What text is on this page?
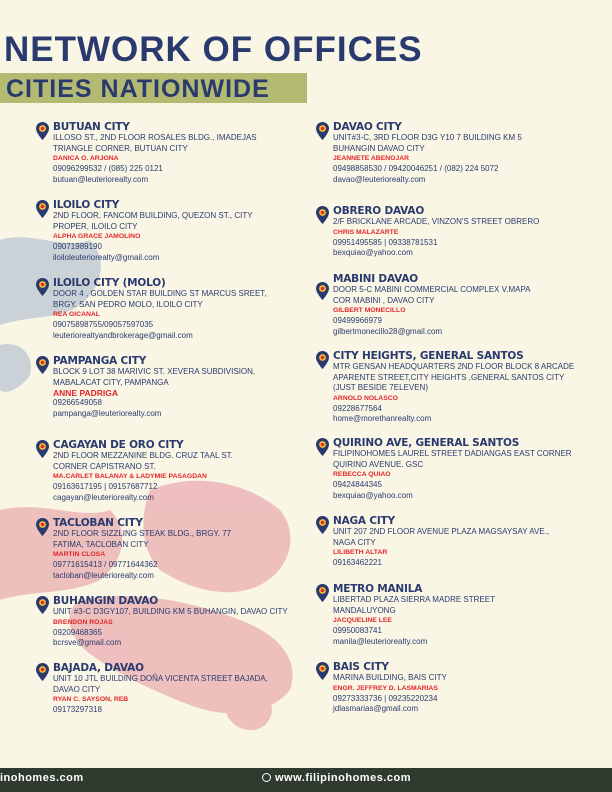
NETWORK OF OFFICES
CITIES NATIONWIDE
BUTUAN CITY
ILLOSO ST., 2ND FLOOR ROSALES BLDG., IMADEJAS TRIANGLE CORNER, BUTUAN CITY
DANICA O. ARJONA
09096299532 / (085) 225 0121
butuan@leuteriorealty.com
ILOILO CITY
2ND FLOOR, FANCOM BUILDING, QUEZON ST., CITY PROPER, ILOILO CITY
ALPHA GRACE JAMOLINO
09071989190
iloiloleuteriorealty@gmail.com
ILOILO CITY (MOLO)
DOOR 4 , GOLDEN STAR BUILDING ST MARCUS SREET, BRGY. SAN PEDRO MOLO, ILOILO CITY
REA GICANAL
09075898755/09057597035
leuteriorealtyandbrokerage@gmail.com
PAMPANGA CITY
BLOCK 9 LOT 38 MARIVIC ST. XEVERA SUBDIVISION, MABALACAT CITY, PAMPANGA
ANNE PADRIGA
09266549058
pampanga@leuteriorealty.com
CAGAYAN DE ORO CITY
2ND FLOOR MEZZANINE BLDG. CRUZ TAAL ST. CORNER CAPISTRANO ST.
MA.CARLET BALANAY & LADYMIE PASAGDAN
09163617195 | 09157687712
cagayan@leuteriorealty.com
TACLOBAN CITY
2ND FLOOR SIZZLING STEAK BLDG., BRGY. 77 FATIMA, TACLOBAN CITY
MARTIN CLOSA
09771615413 / 09771644362
tacloban@leuteriorealty.com
BUHANGIN DAVAO
UNIT #3-C D3GY107, BUILDING KM 5 BUHANGIN, DAVAO CITY
BRENDON ROJAS
09209468365
bcrsve@gmail.com
BAJADA, DAVAO
UNIT 10 JTL BUILDING DOÑA VICENTA STREET BAJADA, DAVAO CITY
RYAN C. SAYSON, REB
09173297318
DAVAO CITY
UNIT#3-C, 3RD FLOOR D3G Y10 7 BUILDING KM 5 BUHANGIN DAVAO CITY
JEANNETE ABENOJAR
09498858530 / 09420046251 / (082) 224 5072
davao@leuteriorealty.com
OBRERO DAVAO
2/F BRICKLANE ARCADE, VINZON'S STREET OBRERO
CHRIS MALAZARTE
09951495585 | 09338781531
bexquiao@yahoo.com
MABINI DAVAO
DOOR 5-C MABINI COMMERCIAL COMPLEX V.MAPA COR MABINI , DAVAO CITY
GILBERT MONECILLO
09499966979
gilbertmonecillo28@gmail.com
CITY HEIGHTS, GENERAL SANTOS
MTR GENSAN HEADQUARTERS 2ND FLOOR BLOCK 8 ARCADE APARENTE STREET,CITY HEIGHTS ,GENERAL SANTOS CITY (JUST BESIDE 7ELEVEN)
ARNOLD NOLASCO
09228677564
home@morethanrealty.com
QUIRINO AVE, GENERAL SANTOS
FILIPINOHOMES LAUREL STREET DADIANGAS EAST CORNER QUIRINO AVENUE. GSC
REBECCA QUIAO
09424844345
bexquiao@yahoo.com
NAGA CITY
UNIT 207 2ND FLOOR AVENUE PLAZA MAGSAYSAY AVE., NAGA CITY
LILIBETH ALTAR
09163462221
METRO MANILA
LIBERTAD PLAZA SIERRA MADRE STREET MANDALUYONG
JACQUELINE LEE
09950083741
manila@leuteriorealty.com
BAIS CITY
MARINA BUILDING, BAIS CITY
ENGR. JEFFREY D. LASMARIAS
09273333736 | 09235220234
jdlasmarias@gmail.com
inohomes.com	www.filipinohomes.com
